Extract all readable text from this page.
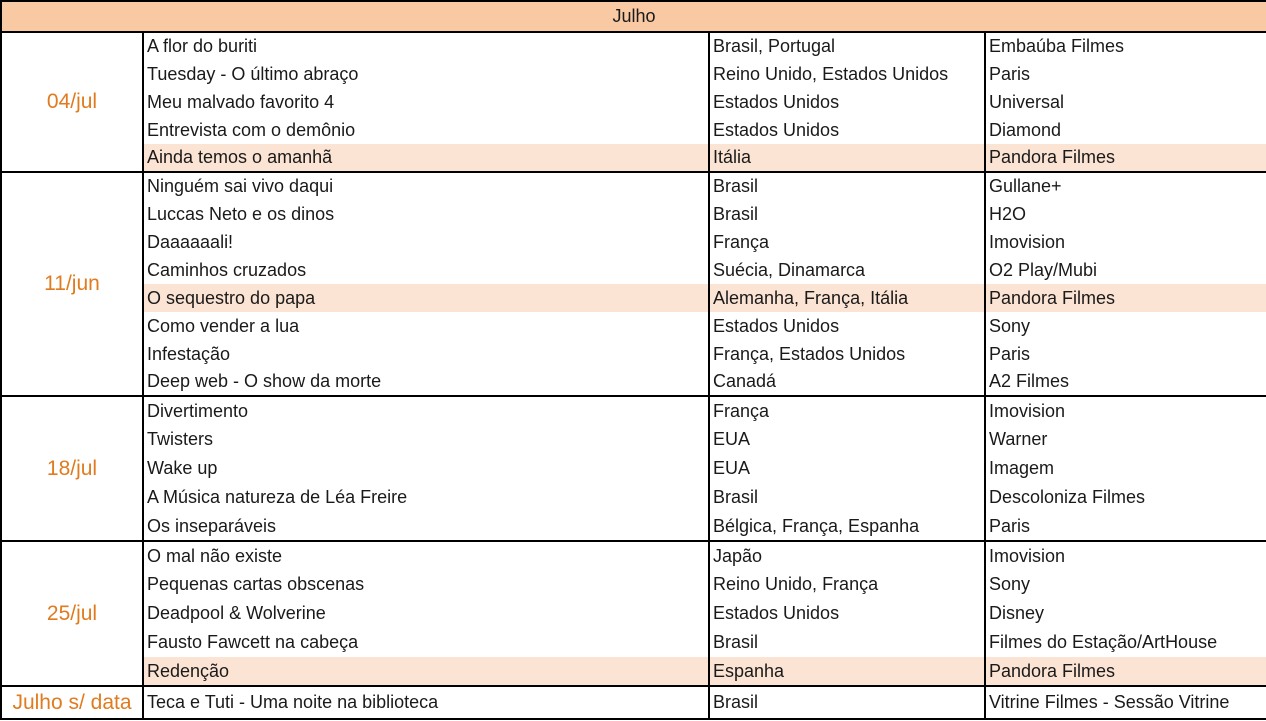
Julho			
04/jul	A flor do buriti	Brasil, Portugal	Embaúba Filmes
	Tuesday - O último abraço	Reino Unido, Estados Unidos	Paris
	Meu malvado favorito 4	Estados Unidos	Universal
	Entrevista com o demônio	Estados Unidos	Diamond
	Ainda temos o amanhã	Itália	Pandora Filmes
11/jun	Ninguém sai vivo daqui	Brasil	Gullane+
	Luccas Neto e os dinos	Brasil	H2O
	Daaaaaali!	França	Imovision
	Caminhos cruzados	Suécia, Dinamarca	O2 Play/Mubi
	O sequestro do papa	Alemanha, França, Itália	Pandora Filmes
	Como vender a lua	Estados Unidos	Sony
	Infestação	França, Estados Unidos	Paris
	Deep web - O show da morte	Canadá	A2 Filmes
18/jul	Divertimento	França	Imovision
	Twisters	EUA	Warner
	Wake up	EUA	Imagem
	A Música natureza de Léa Freire	Brasil	Descoloniza Filmes
	Os inseparáveis	Bélgica, França, Espanha	Paris
25/jul	O mal não existe	Japão	Imovision
	Pequenas cartas obscenas	Reino Unido, França	Sony
	Deadpool & Wolverine	Estados Unidos	Disney
	Fausto Fawcett na cabeça	Brasil	Filmes do Estação/ArtHouse
	Redenção	Espanha	Pandora Filmes
Julho s/ data	Teca e Tuti - Uma noite na biblioteca	Brasil	Vitrine Filmes - Sessão Vitrine
